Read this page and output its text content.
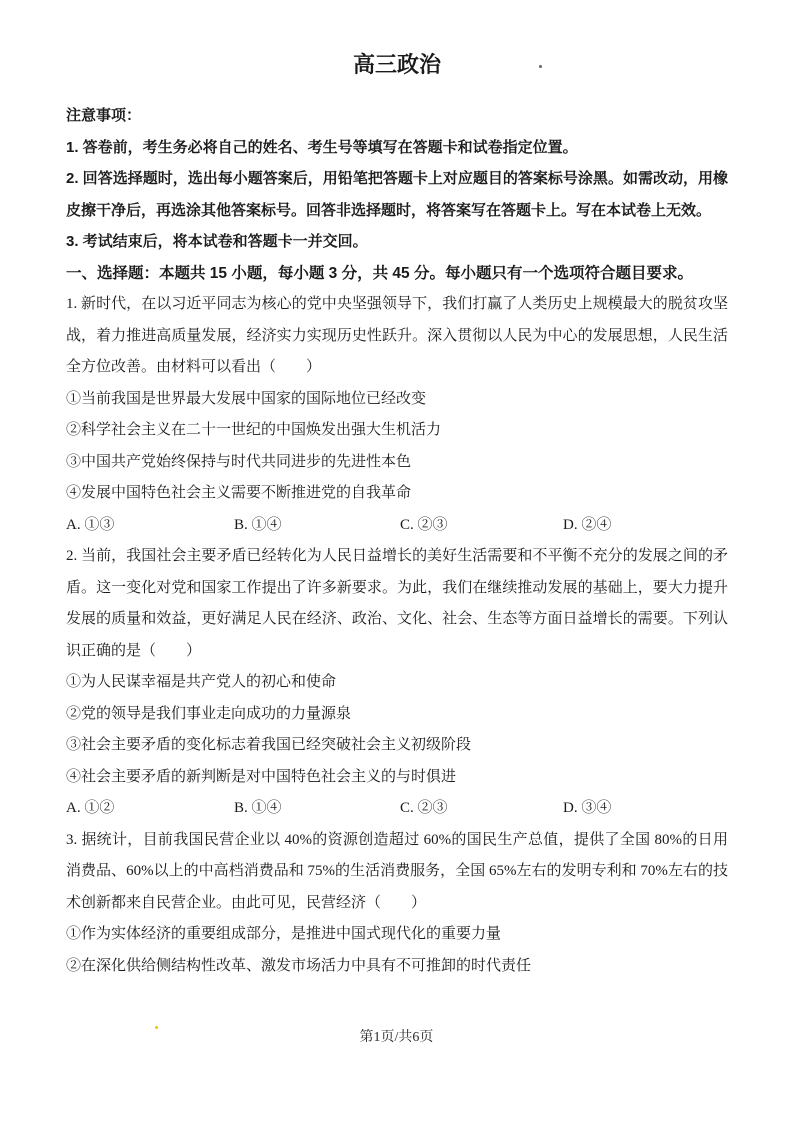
高三政治

注意事项：

1. 答卷前，考生务必将自己的姓名、考生号等填写在答题卡和试卷指定位置。

2. 回答选择题时，选出每小题答案后，用铅笔把答题卡上对应题目的答案标号涂黑。如需改动，用橡皮擦干净后，再选涂其他答案标号。回答非选择题时，将答案写在答题卡上。写在本试卷上无效。

3. 考试结束后，将本试卷和答题卡一并交回。

一、选择题：本题共 15 小题，每小题 3 分，共 45 分。每小题只有一个选项符合题目要求。

1. 新时代，在以习近平同志为核心的党中央坚强领导下，我们打赢了人类历史上规模最大的脱贫攻坚战，着力推进高质量发展，经济实力实现历史性跃升。深入贯彻以人民为中心的发展思想，人民生活全方位改善。由材料可以看出（　　）

①当前我国是世界最大发展中国家的国际地位已经改变

②科学社会主义在二十一世纪的中国焕发出强大生机活力

③中国共产党始终保持与时代共同进步的先进性本色

④发展中国特色社会主义需要不断推进党的自我革命

A. ①③	B. ①④	C. ②③	D. ②④

2. 当前，我国社会主要矛盾已经转化为人民日益增长的美好生活需要和不平衡不充分的发展之间的矛盾。这一变化对党和国家工作提出了许多新要求。为此，我们在继续推动发展的基础上，要大力提升发展的质量和效益，更好满足人民在经济、政治、文化、社会、生态等方面日益增长的需要。下列认识正确的是（　　）

①为人民谋幸福是共产党人的初心和使命

②党的领导是我们事业走向成功的力量源泉

③社会主要矛盾的变化标志着我国已经突破社会主义初级阶段

④社会主要矛盾的新判断是对中国特色社会主义的与时俱进

A. ①②	B. ①④	C. ②③	D. ③④

3. 据统计，目前我国民营企业以 40%的资源创造超过 60%的国民生产总值，提供了全国 80%的日用消费品、60%以上的中高档消费品和 75%的生活消费服务，全国 65%左右的发明专利和 70%左右的技术创新都来自民营企业。由此可见，民营经济（　　）

①作为实体经济的重要组成部分，是推进中国式现代化的重要力量

②在深化供给侧结构性改革、激发市场活力中具有不可推卸的时代责任

第1页/共6页
